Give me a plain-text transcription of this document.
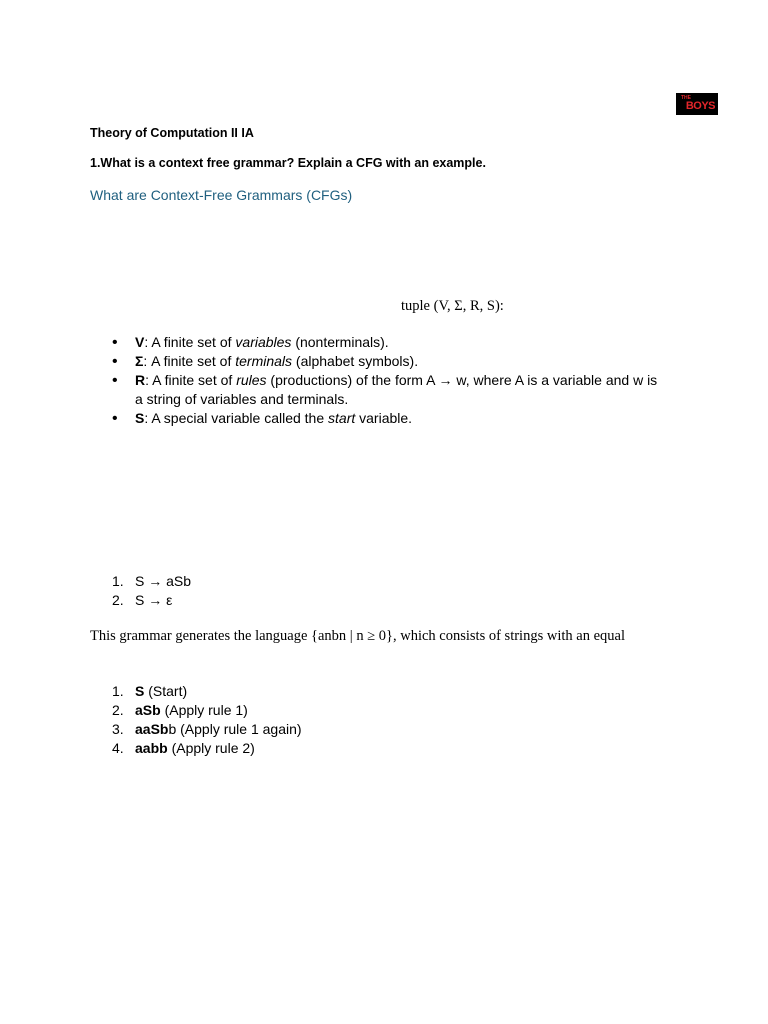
THE
BOYS
Theory of Computation II IA
1.What is a context free grammar? Explain a CFG with an example.
What are Context-Free Grammars (CFGs)
tuple (V, Σ, R, S):
• V: A finite set of variables (nonterminals).
• Σ: A finite set of terminals (alphabet symbols).
• R: A finite set of rules (productions) of the form A → w, where A is a variable and w is
a string of variables and terminals.
• S: A special variable called the start variable.
1. S → aSb
2. S → ε
This grammar generates the language {anbn | n ≥ 0}, which consists of strings with an equal
1. S (Start)
2. aSb (Apply rule 1)
3. aaSbb (Apply rule 1 again)
4. aabb (Apply rule 2)
